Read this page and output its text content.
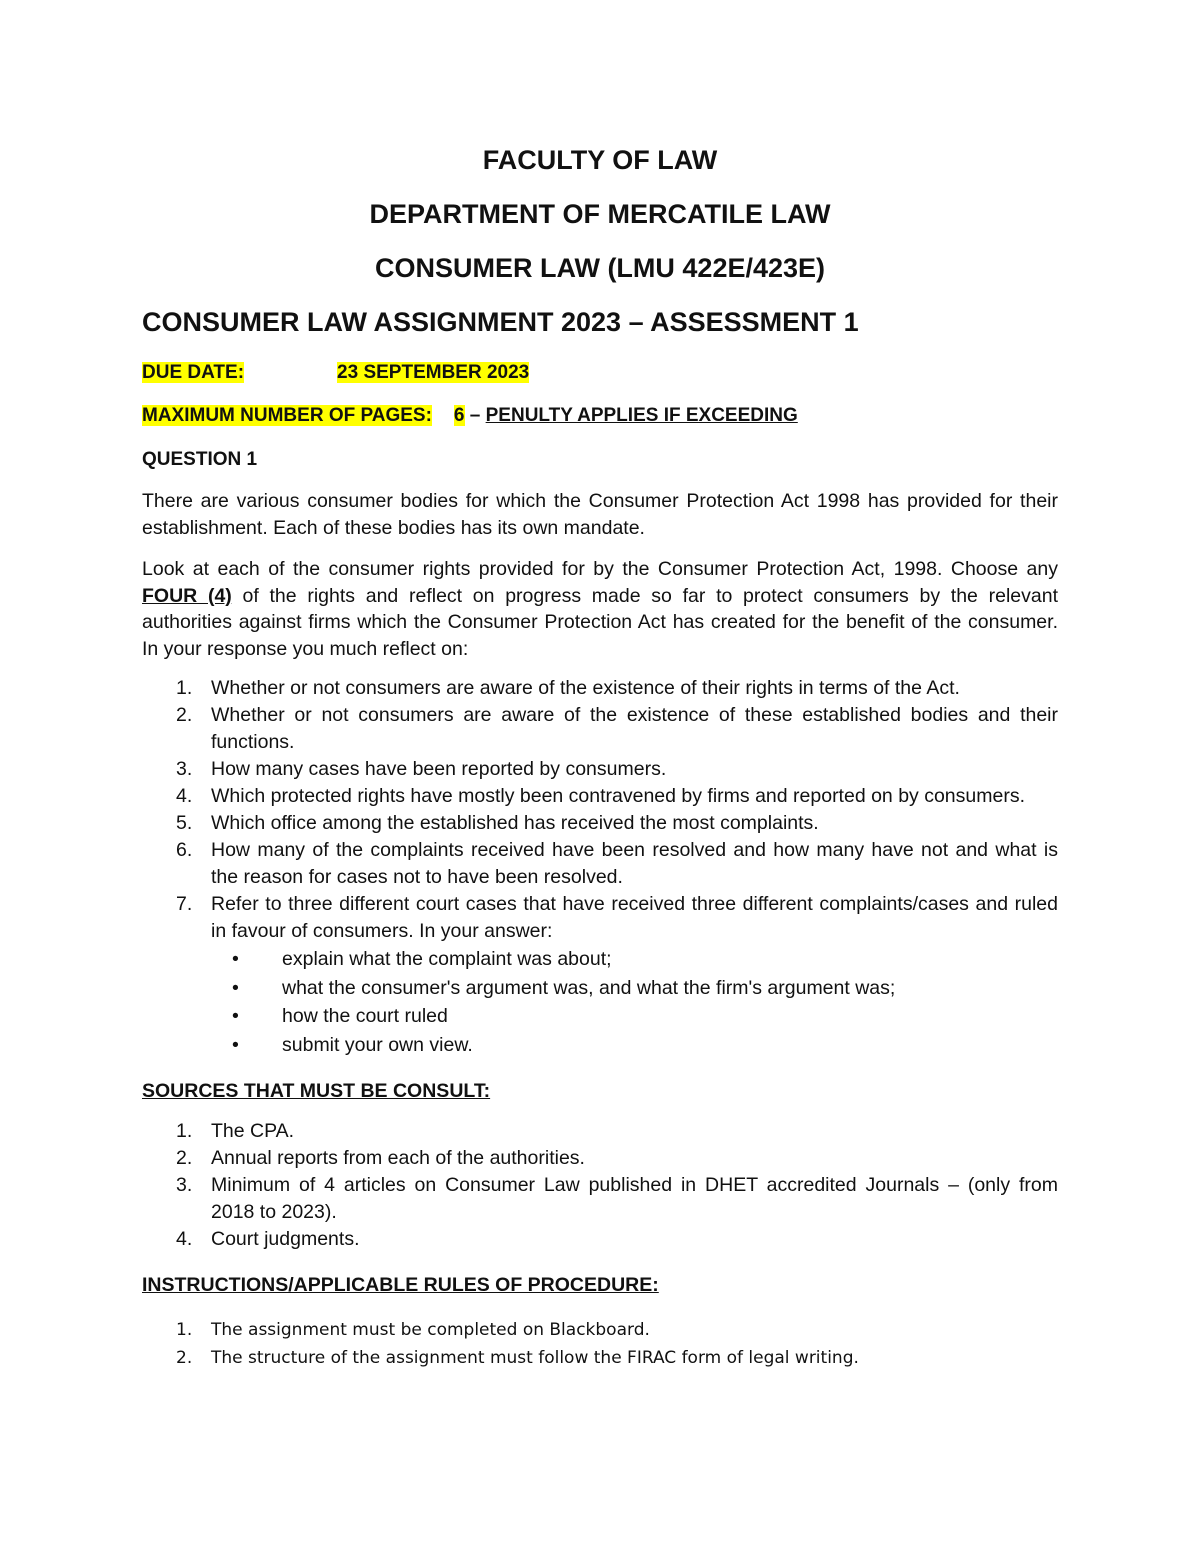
FACULTY OF LAW
DEPARTMENT OF MERCATILE LAW
CONSUMER LAW (LMU 422E/423E)
CONSUMER LAW ASSIGNMENT 2023 – ASSESSMENT 1
DUE DATE:	23 SEPTEMBER 2023
MAXIMUM NUMBER OF PAGES: 6 – PENULTY APPLIES IF EXCEEDING
QUESTION 1

There are various consumer bodies for which the Consumer Protection Act 1998 has provided for their establishment. Each of these bodies has its own mandate.

Look at each of the consumer rights provided for by the Consumer Protection Act, 1998. Choose any FOUR (4) of the rights and reflect on progress made so far to protect consumers by the relevant authorities against firms which the Consumer Protection Act has created for the benefit of the consumer. In your response you much reflect on:

1. Whether or not consumers are aware of the existence of their rights in terms of the Act.
2. Whether or not consumers are aware of the existence of these established bodies and their functions.
3. How many cases have been reported by consumers.
4. Which protected rights have mostly been contravened by firms and reported on by consumers.
5. Which office among the established has received the most complaints.
6. How many of the complaints received have been resolved and how many have not and what is the reason for cases not to have been resolved.
7. Refer to three different court cases that have received three different complaints/cases and ruled in favour of consumers. In your answer:
• explain what the complaint was about;
• what the consumer's argument was, and what the firm's argument was;
• how the court ruled
• submit your own view.
SOURCES THAT MUST BE CONSULT:
1. The CPA.
2. Annual reports from each of the authorities.
3. Minimum of 4 articles on Consumer Law published in DHET accredited Journals – (only from 2018 to 2023).
4. Court judgments.
INSTRUCTIONS/APPLICABLE RULES OF PROCEDURE:
1. The assignment must be completed on Blackboard.
2. The structure of the assignment must follow the FIRAC form of legal writing.
